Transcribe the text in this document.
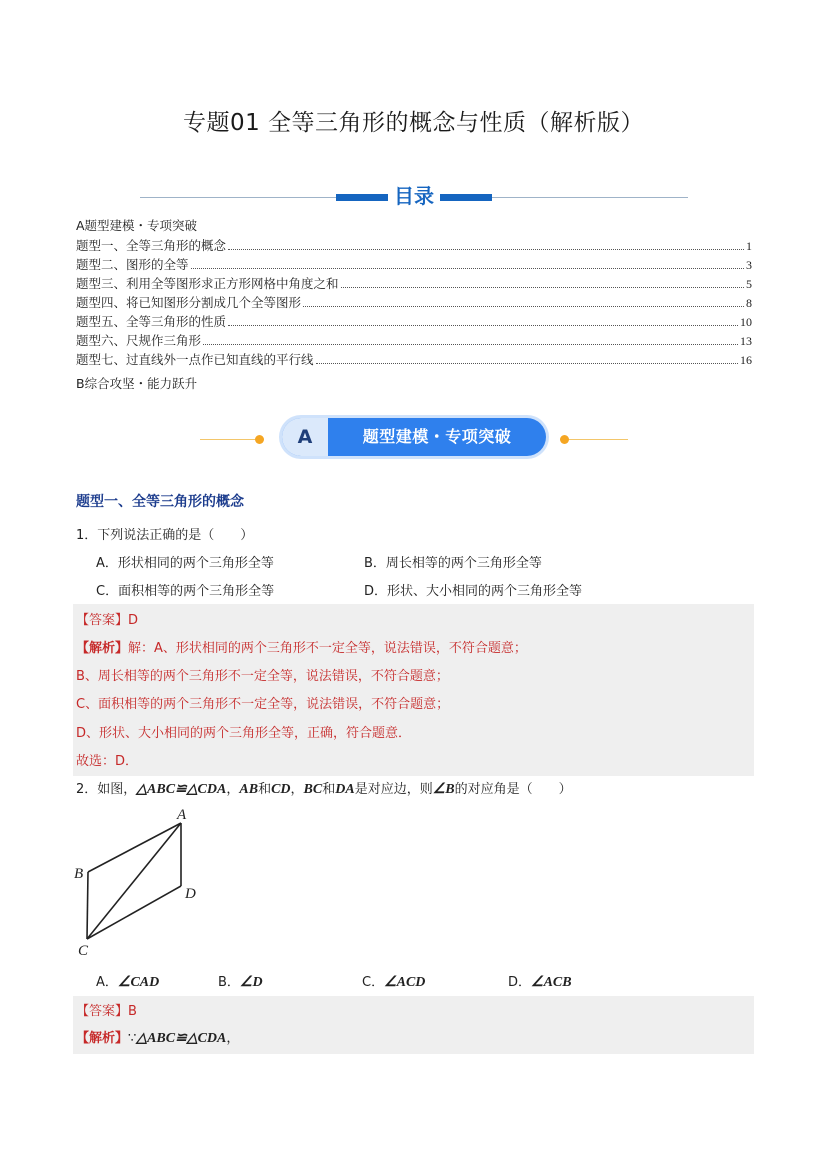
专题01 全等三角形的概念与性质（解析版）
目录
A题型建模・专项突破
题型一、全等三角形的概念	1
题型二、图形的全等	3
题型三、利用全等图形求正方形网格中角度之和	5
题型四、将已知图形分割成几个全等图形	8
题型五、全等三角形的性质	10
题型六、尺规作三角形	13
题型七、过直线外一点作已知直线的平行线	16
B综合攻坚・能力跃升
A	题型建模・专项突破
题型一、全等三角形的概念
1．下列说法正确的是（　　）
A．形状相同的两个三角形全等	B．周长相等的两个三角形全等
C．面积相等的两个三角形全等	D．形状、大小相同的两个三角形全等
【答案】D
【解析】解：A、形状相同的两个三角形不一定全等，说法错误，不符合题意；
B、周长相等的两个三角形不一定全等，说法错误，不符合题意；
C、面积相等的两个三角形不一定全等，说法错误，不符合题意；
D、形状、大小相同的两个三角形全等，正确，符合题意．
故选：D．
2．如图，△ABC≌△CDA，AB和CD，BC和DA是对应边，则∠B的对应角是（　　）
A
B
C
D
A．∠CAD	B．∠D	C．∠ACD	D．∠ACB
【答案】B
【解析】∵△ABC≌△CDA，
